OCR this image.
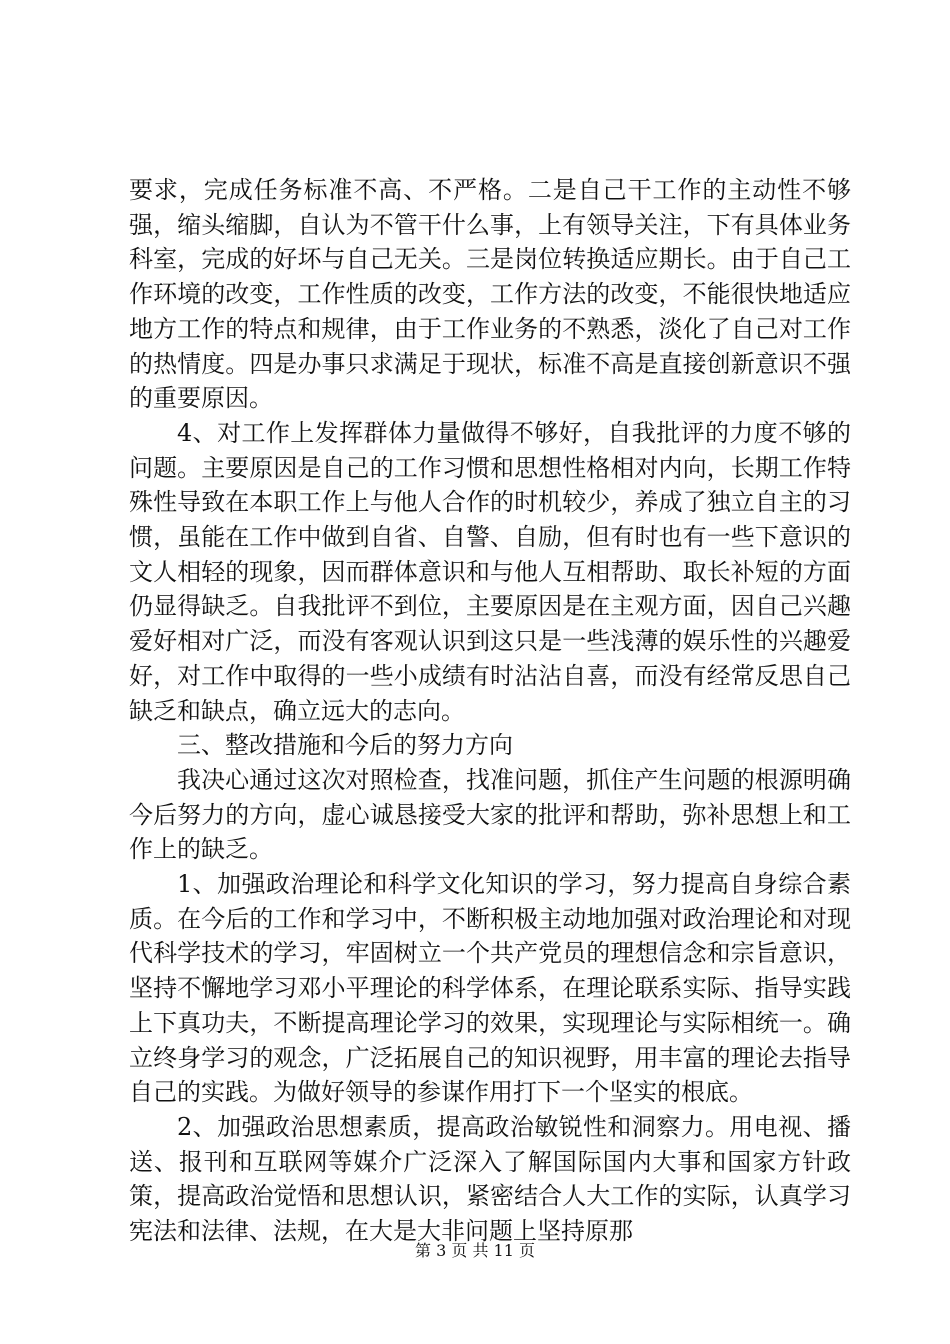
要求，完成任务标准不高、不严格。二是自己干工作的主动性不够强，缩头缩脚，自认为不管干什么事，上有领导关注，下有具体业务科室，完成的好坏与自己无关。三是岗位转换适应期长。由于自己工作环境的改变，工作性质的改变，工作方法的改变，不能很快地适应地方工作的特点和规律，由于工作业务的不熟悉，淡化了自己对工作的热情度。四是办事只求满足于现状，标准不高是直接创新意识不强的重要原因。

4、对工作上发挥群体力量做得不够好，自我批评的力度不够的问题。主要原因是自己的工作习惯和思想性格相对内向，长期工作特殊性导致在本职工作上与他人合作的时机较少，养成了独立自主的习惯，虽能在工作中做到自省、自警、自励，但有时也有一些下意识的文人相轻的现象，因而群体意识和与他人互相帮助、取长补短的方面仍显得缺乏。自我批评不到位，主要原因是在主观方面，因自己兴趣爱好相对广泛，而没有客观认识到这只是一些浅薄的娱乐性的兴趣爱好，对工作中取得的一些小成绩有时沾沾自喜，而没有经常反思自己缺乏和缺点，确立远大的志向。

三、整改措施和今后的努力方向

我决心通过这次对照检查，找准问题，抓住产生问题的根源明确今后努力的方向，虚心诚恳接受大家的批评和帮助，弥补思想上和工作上的缺乏。

1、加强政治理论和科学文化知识的学习，努力提高自身综合素质。在今后的工作和学习中，不断积极主动地加强对政治理论和对现代科学技术的学习，牢固树立一个共产党员的理想信念和宗旨意识，坚持不懈地学习邓小平理论的科学体系，在理论联系实际、指导实践上下真功夫，不断提高理论学习的效果，实现理论与实际相统一。确立终身学习的观念，广泛拓展自己的知识视野，用丰富的理论去指导自己的实践。为做好领导的参谋作用打下一个坚实的根底。

2、加强政治思想素质，提高政治敏锐性和洞察力。用电视、播送、报刊和互联网等媒介广泛深入了解国际国内大事和国家方针政策，提高政治觉悟和思想认识，紧密结合人大工作的实际，认真学习宪法和法律、法规，在大是大非问题上坚持原那

第 3 页 共 11 页
